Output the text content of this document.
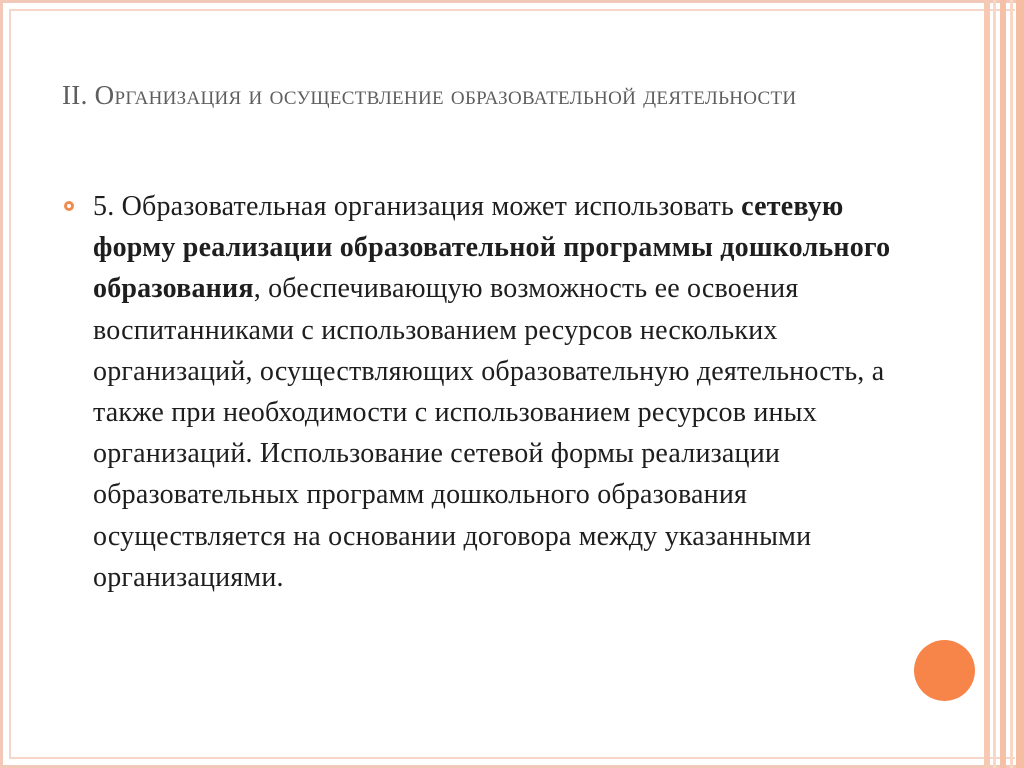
II. Организация и осуществление образовательной деятельности
5. Образовательная организация может использовать сетевую форму реализации образовательной программы дошкольного образования, обеспечивающую возможность ее освоения воспитанниками с использованием ресурсов нескольких организаций, осуществляющих образовательную деятельность, а также при необходимости с использованием ресурсов иных организаций. Использование сетевой формы реализации образовательных программ дошкольного образования осуществляется на основании договора между указанными организациями.
